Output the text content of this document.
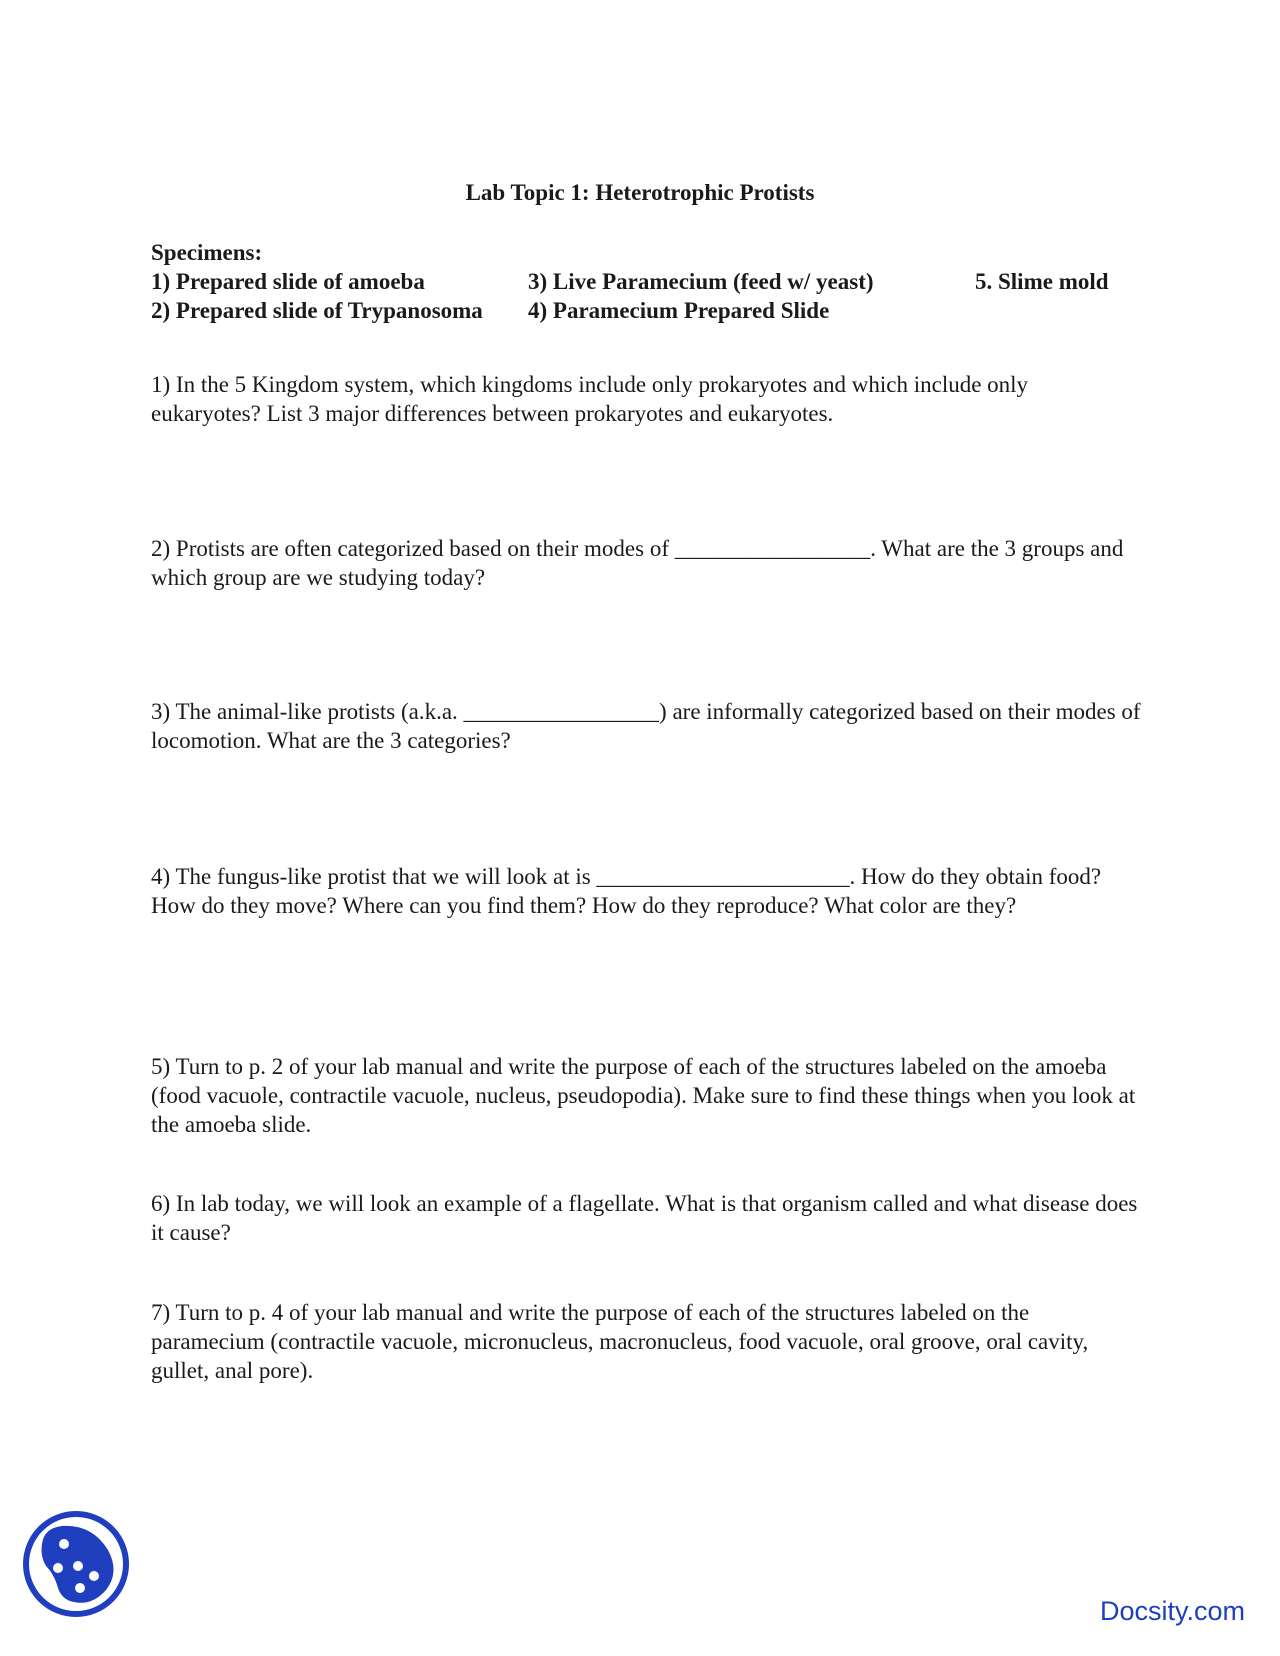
Lab Topic 1: Heterotrophic Protists
Specimens:
1) Prepared slide of amoeba	3) Live Paramecium (feed w/ yeast)	5. Slime mold
2) Prepared slide of Trypanosoma 4) Paramecium Prepared Slide
1) In the 5 Kingdom system, which kingdoms include only prokaryotes and which include only eukaryotes? List 3 major differences between prokaryotes and eukaryotes.
2) Protists are often categorized based on their modes of _________________. What are the 3 groups and which group are we studying today?
3) The animal-like protists (a.k.a. _________________) are informally categorized based on their modes of locomotion. What are the 3 categories?
4) The fungus-like protist that we will look at is ______________________. How do they obtain food? How do they move? Where can you find them? How do they reproduce? What color are they?
5) Turn to p. 2 of your lab manual and write the purpose of each of the structures labeled on the amoeba (food vacuole, contractile vacuole, nucleus, pseudopodia). Make sure to find these things when you look at the amoeba slide.
6) In lab today, we will look an example of a flagellate. What is that organism called and what disease does it cause?
7) Turn to p. 4 of your lab manual and write the purpose of each of the structures labeled on the paramecium (contractile vacuole, micronucleus, macronucleus, food vacuole, oral groove, oral cavity, gullet, anal pore).
Docsity.com
